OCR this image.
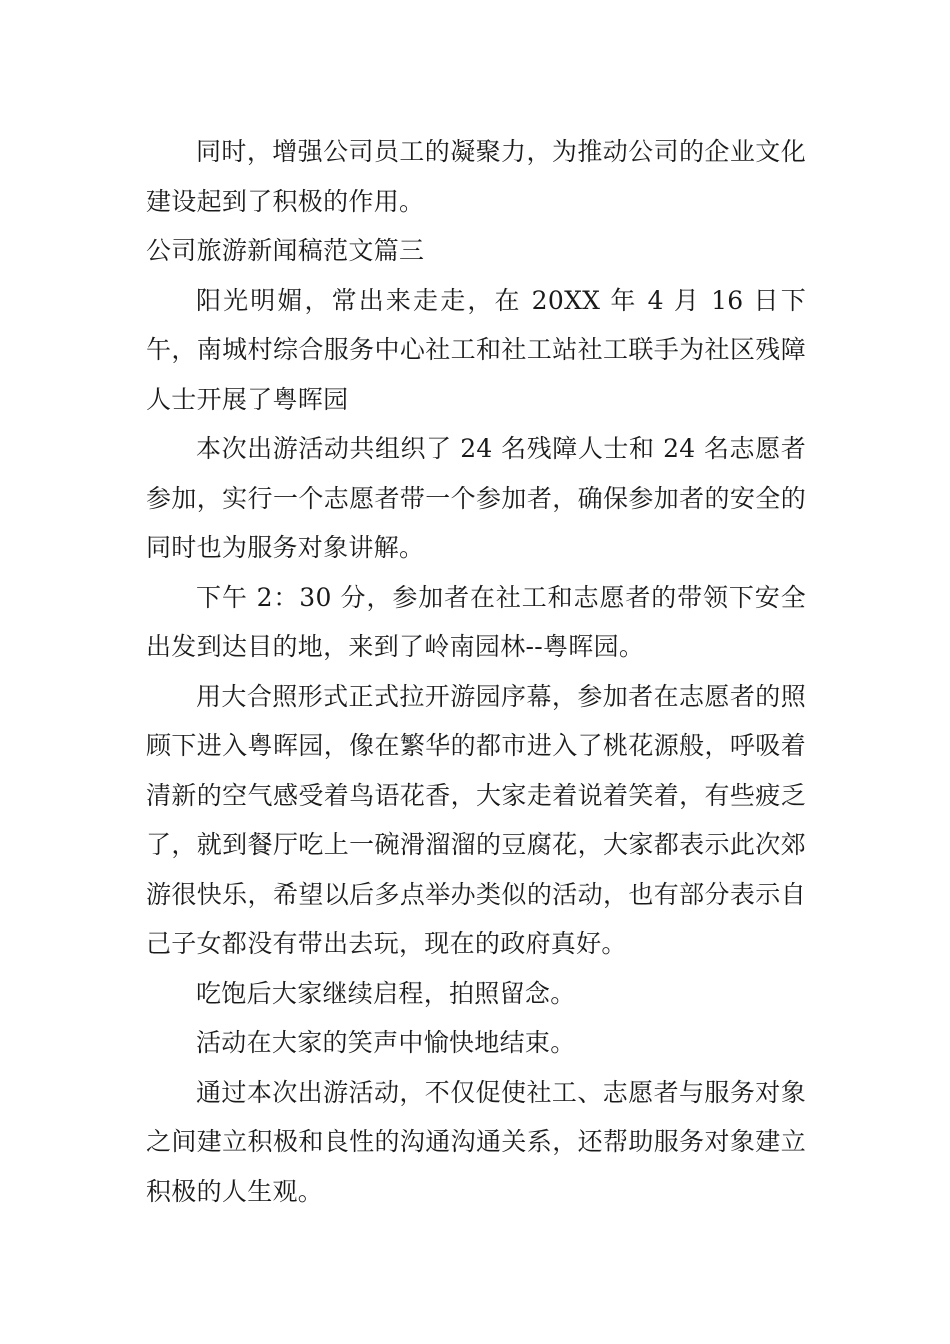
同时，增强公司员工的凝聚力，为推动公司的企业文化建设起到了积极的作用。

公司旅游新闻稿范文篇三

阳光明媚，常出来走走，在 20XX 年 4 月 16 日下午，南城村综合服务中心社工和社工站社工联手为社区残障人士开展了粤晖园

本次出游活动共组织了 24 名残障人士和 24 名志愿者参加，实行一个志愿者带一个参加者，确保参加者的安全的同时也为服务对象讲解。

下午 2：30 分，参加者在社工和志愿者的带领下安全出发到达目的地，来到了岭南园林--粤晖园。

用大合照形式正式拉开游园序幕，参加者在志愿者的照顾下进入粤晖园，像在繁华的都市进入了桃花源般，呼吸着清新的空气感受着鸟语花香，大家走着说着笑着，有些疲乏了，就到餐厅吃上一碗滑溜溜的豆腐花，大家都表示此次郊游很快乐，希望以后多点举办类似的活动，也有部分表示自己子女都没有带出去玩，现在的政府真好。

吃饱后大家继续启程，拍照留念。

活动在大家的笑声中愉快地结束。

通过本次出游活动，不仅促使社工、志愿者与服务对象之间建立积极和良性的沟通沟通关系，还帮助服务对象建立积极的人生观。
